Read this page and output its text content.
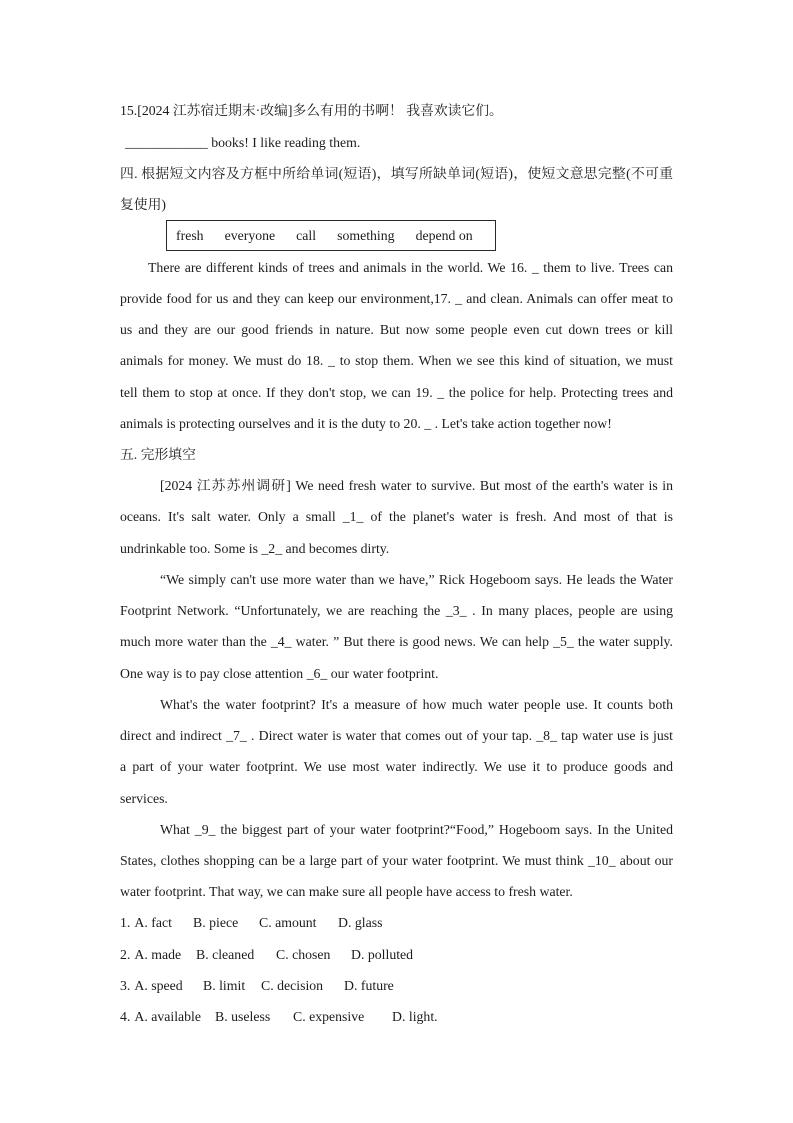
15.[2024 江苏宿迁期末·改编]多么有用的书啊！ 我喜欢读它们。
____________ books! I like reading them.
四. 根据短文内容及方框中所给单词(短语)，填写所缺单词(短语)，使短文意思完整(不可重
复使用)
fresh everyone call something depend on
There are different kinds of trees and animals in the world. We 16. _ them to live. Trees can
provide food for us and they can keep our environment,17. _ and clean. Animals can offer meat to
us and they are our good friends in nature. But now some people even cut down trees or kill
animals for money. We must do 18. _ to stop them. When we see this kind of situation, we must
tell them to stop at once. If they don't stop, we can 19. _ the police for help. Protecting trees and
animals is protecting ourselves and it is the duty to 20. _ . Let's take action together now!
五. 完形填空
[2024 江苏苏州调研] We need fresh water to survive. But most of the earth's water is in
oceans. It's salt water. Only a small _1_ of the planet's water is fresh. And most of that is
undrinkable too. Some is _2_ and becomes dirty.
“We simply can't use more water than we have,” Rick Hogeboom says. He leads the Water
Footprint Network. “Unfortunately, we are reaching the _3_ . In many places, people are using
much more water than the _4_ water. ” But there is good news. We can help _5_ the water supply.
One way is to pay close attention _6_ our water footprint.
What's the water footprint? It's a measure of how much water people use. It counts both
direct and indirect _7_ . Direct water is water that comes out of your tap. _8_ tap water use is just
a part of your water footprint. We use most water indirectly. We use it to produce goods and
services.
What _9_ the biggest part of your water footprint?“Food,” Hogeboom says. In the United
States, clothes shopping can be a large part of your water footprint. We must think _10_ about our
water footprint. That way, we can make sure all people have access to fresh water.
1. A. fact B. piece C. amount D. glass
2. A. made B. cleaned C. chosen D. polluted
3. A. speed B. limit C. decision D. future
4. A. available B. useless C. expensive D. light.
